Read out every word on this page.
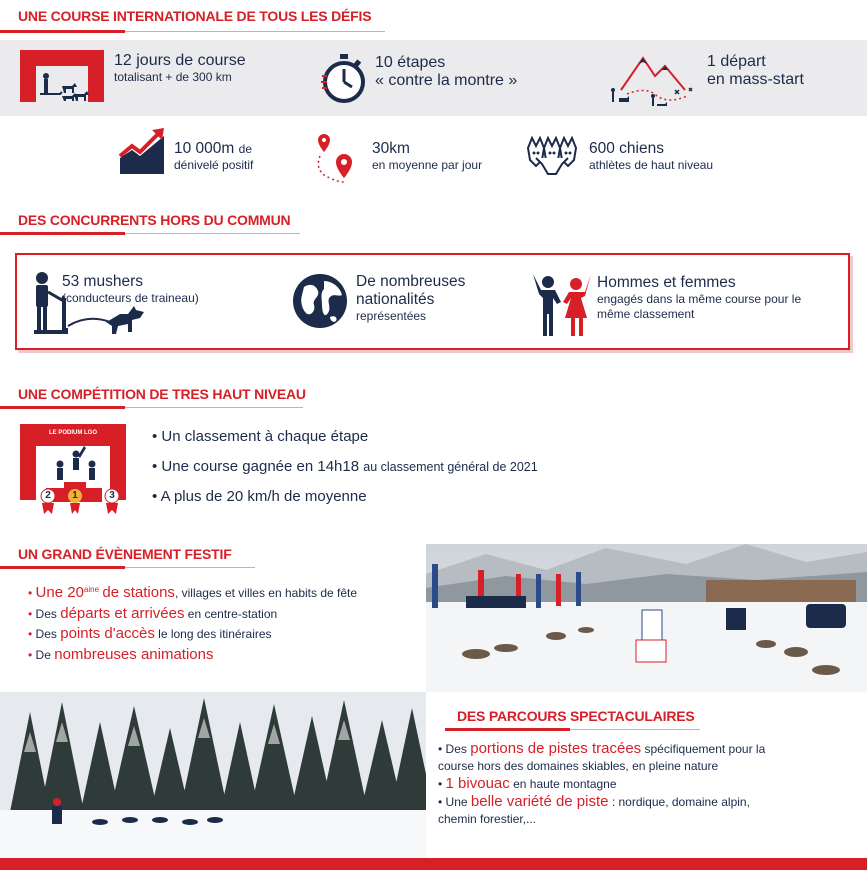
UNE COURSE INTERNATIONALE DE TOUS LES DÉFIS
12 jours de course
totalisant + de 300 km
10 étapes
« contre la montre »
1 départ
en mass-start
10 000m de
dénivelé positif
30km
en moyenne par jour
600 chiens
athlètes de haut niveau
DES CONCURRENTS HORS DU COMMUN
53 mushers
(conducteurs de traineau)
De nombreuses
nationalités
représentées
Hommes et femmes
engagés dans la même course pour le
même classement
UNE COMPÉTITION DE TRES HAUT NIVEAU
LE PODIUM LGO
2 1	3
• Un classement à chaque étape
• Une course gagnée en 14h18 au classement général de 2021
• A plus de 20 km/h de moyenne
UN GRAND ÉVÈNEMENT FESTIF
• Une $20^{aine}$ de stations, villages et villes en habits de fête
• Des départs et arrivées en centre-station
• Des points d'accès le long des itinéraires
• De nombreuses animations
DES PARCOURS SPECTACULAIRES
• Des portions de pistes tracées spécifiquement pour la
course hors des domaines skiables, en pleine nature
• 1 bivouac en haute montagne
• Une belle variété de piste : nordique, domaine alpin,
chemin forestier,...
